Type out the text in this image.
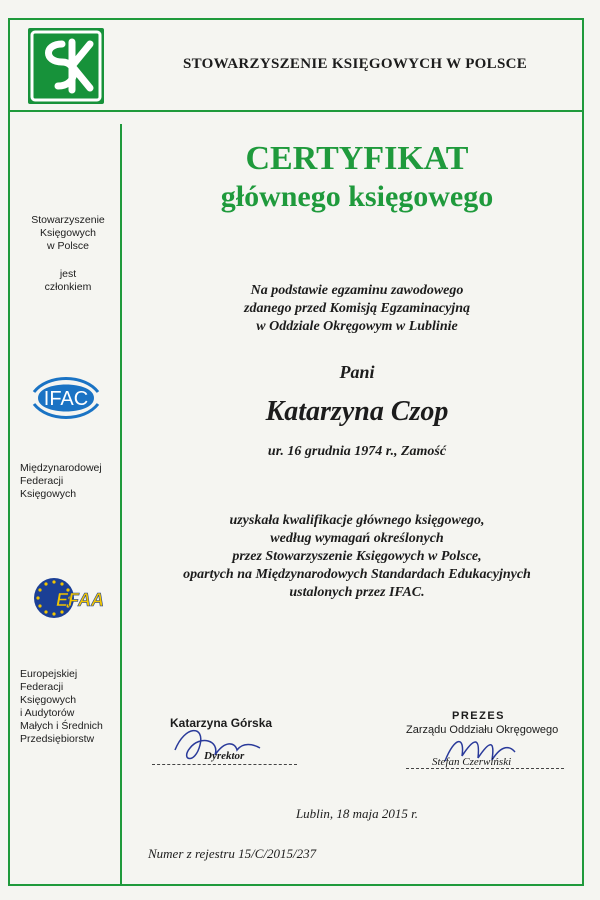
SK
STOWARZYSZENIE KSIĘGOWYCH W POLSCE
Stowarzyszenie
Księgowych
w Polsce
jest
członkiem
IFAC
Międzynarodowej
Federacji
Księgowych
EFAA
Europejskiej
Federacji
Księgowych
i Audytorów
Małych i Średnich
Przedsiębiorstw
CERTYFIKAT
głównego księgowego
Na podstawie egzaminu zawodowego
zdanego przed Komisją Egzaminacyjną
w Oddziale Okręgowym w Lublinie
Pani
Katarzyna Czop
ur. 16 grudnia 1974 r., Zamość
uzyskała kwalifikacje głównego księgowego,
według wymagań określonych
przez Stowarzyszenie Księgowych w Polsce,
opartych na Międzynarodowych Standardach Edukacyjnych
ustalonych przez IFAC.
Katarzyna Górska
Dyrektor
PREZES
Zarządu Oddziału Okręgowego
Stefan Czerwiński
Lublin, 18 maja 2015 r.
Numer z rejestru 15/C/2015/237
